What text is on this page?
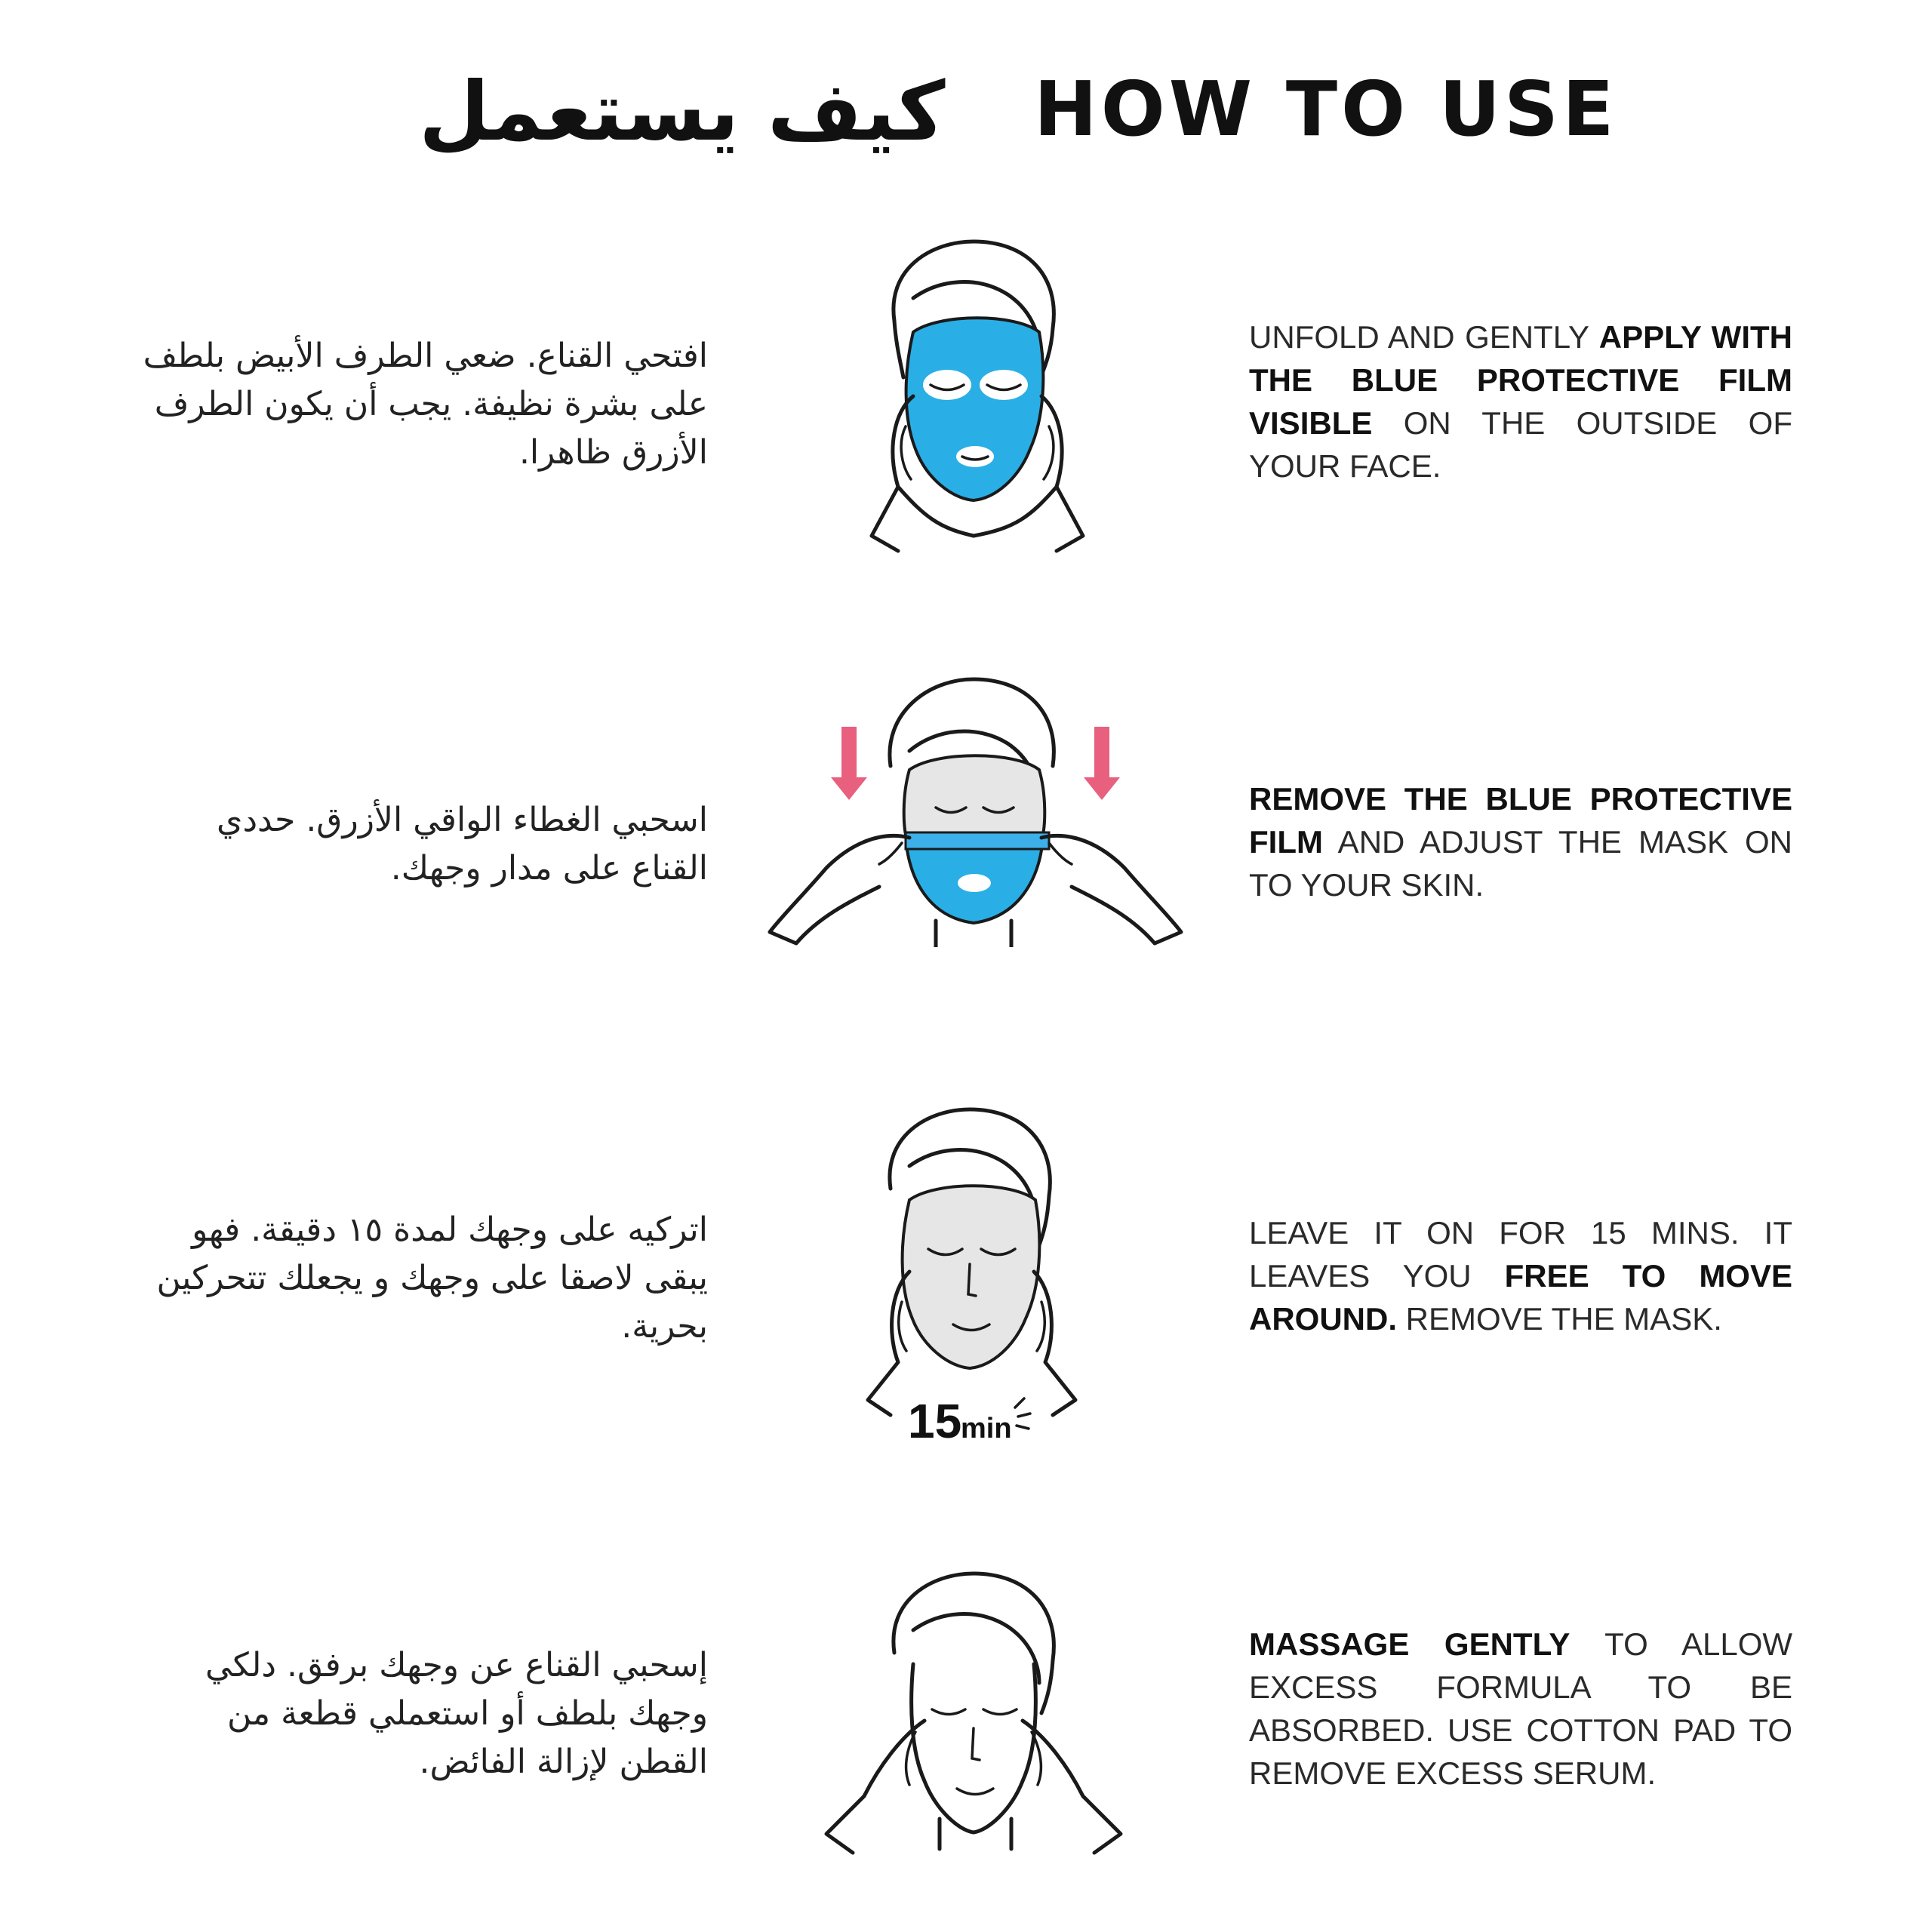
كيف يستعمل HOW TO USE
افتحي القناع. ضعي الطرف الأبيض بلطف على بشرة نظيفة. يجب أن يكون الطرف الأزرق ظاهرا.

UNFOLD AND GENTLY APPLY WITH THE BLUE PROTECTIVE FILM VISIBLE ON THE OUTSIDE OF YOUR FACE.

اسحبي الغطاء الواقي الأزرق. حددي القناع على مدار وجهك.

REMOVE THE BLUE PROTECTIVE FILM AND ADJUST THE MASK ON TO YOUR SKIN.

اتركيه على وجهك لمدة ١٥ دقيقة. فهو يبقى لاصقا على وجهك و يجعلك تتحركين بحرية.
15
min

LEAVE IT ON FOR 15 MINS. IT LEAVES YOU FREE TO MOVE AROUND. REMOVE THE MASK.

إسحبي القناع عن وجهك برفق. دلكي وجهك بلطف أو استعملي قطعة من القطن لإزالة الفائض.

MASSAGE GENTLY TO ALLOW EXCESS FORMULA TO BE ABSORBED. USE COTTON PAD TO REMOVE EXCESS SERUM.
